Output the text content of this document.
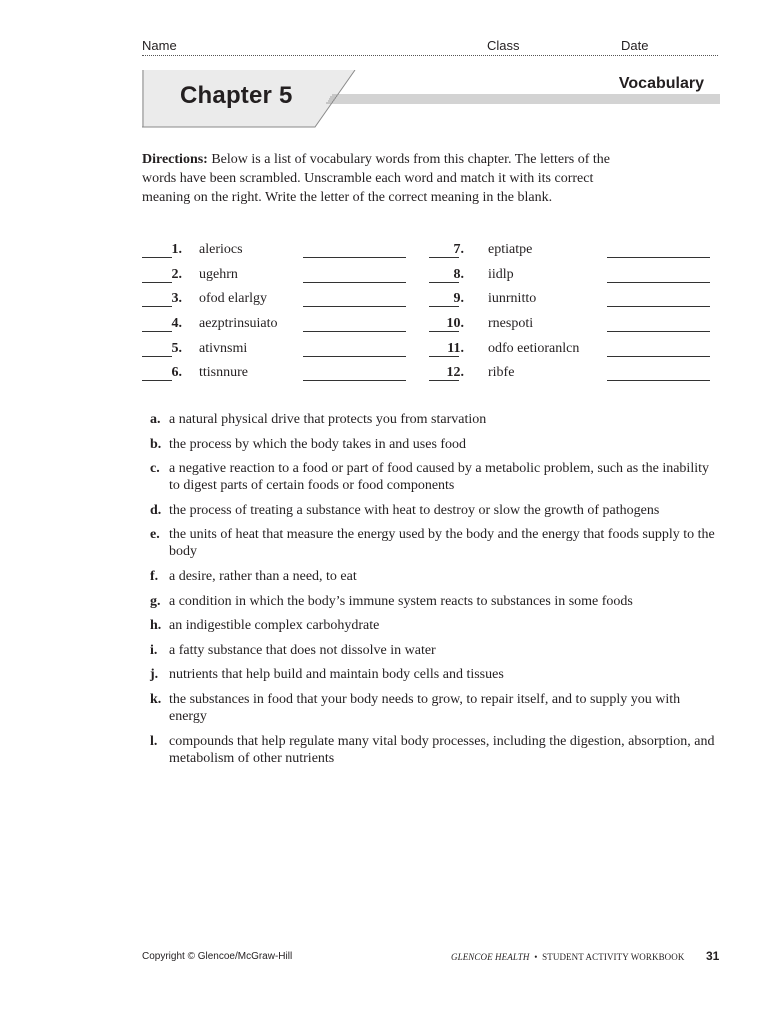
Name	Class	Date
Chapter 5	Vocabulary
Directions: Below is a list of vocabulary words from this chapter. The letters of the words have been scrambled. Unscramble each word and match it with its correct meaning on the right. Write the letter of the correct meaning in the blank.
1. aleriocs
2. ugehrn
3. ofod elarlgy
4. aezptrinsuiato
5. ativnsmi
6. ttisnnure
7. eptiatpe
8. iidlp
9. iunrnitto
10. rnespoti
11. odfo eetioranlcn
12. ribfe
a. a natural physical drive that protects you from starvation
b. the process by which the body takes in and uses food
c. a negative reaction to a food or part of food caused by a metabolic problem, such as the inability to digest parts of certain foods or food components
d. the process of treating a substance with heat to destroy or slow the growth of pathogens
e. the units of heat that measure the energy used by the body and the energy that foods supply to the body
f. a desire, rather than a need, to eat
g. a condition in which the body’s immune system reacts to substances in some foods
h. an indigestible complex carbohydrate
i. a fatty substance that does not dissolve in water
j. nutrients that help build and maintain body cells and tissues
k. the substances in food that your body needs to grow, to repair itself, and to supply you with energy
l. compounds that help regulate many vital body processes, including the digestion, absorption, and metabolism of other nutrients
Copyright © Glencoe/McGraw-Hill	GLENCOE HEALTH  •  STUDENT ACTIVITY WORKBOOK 31
